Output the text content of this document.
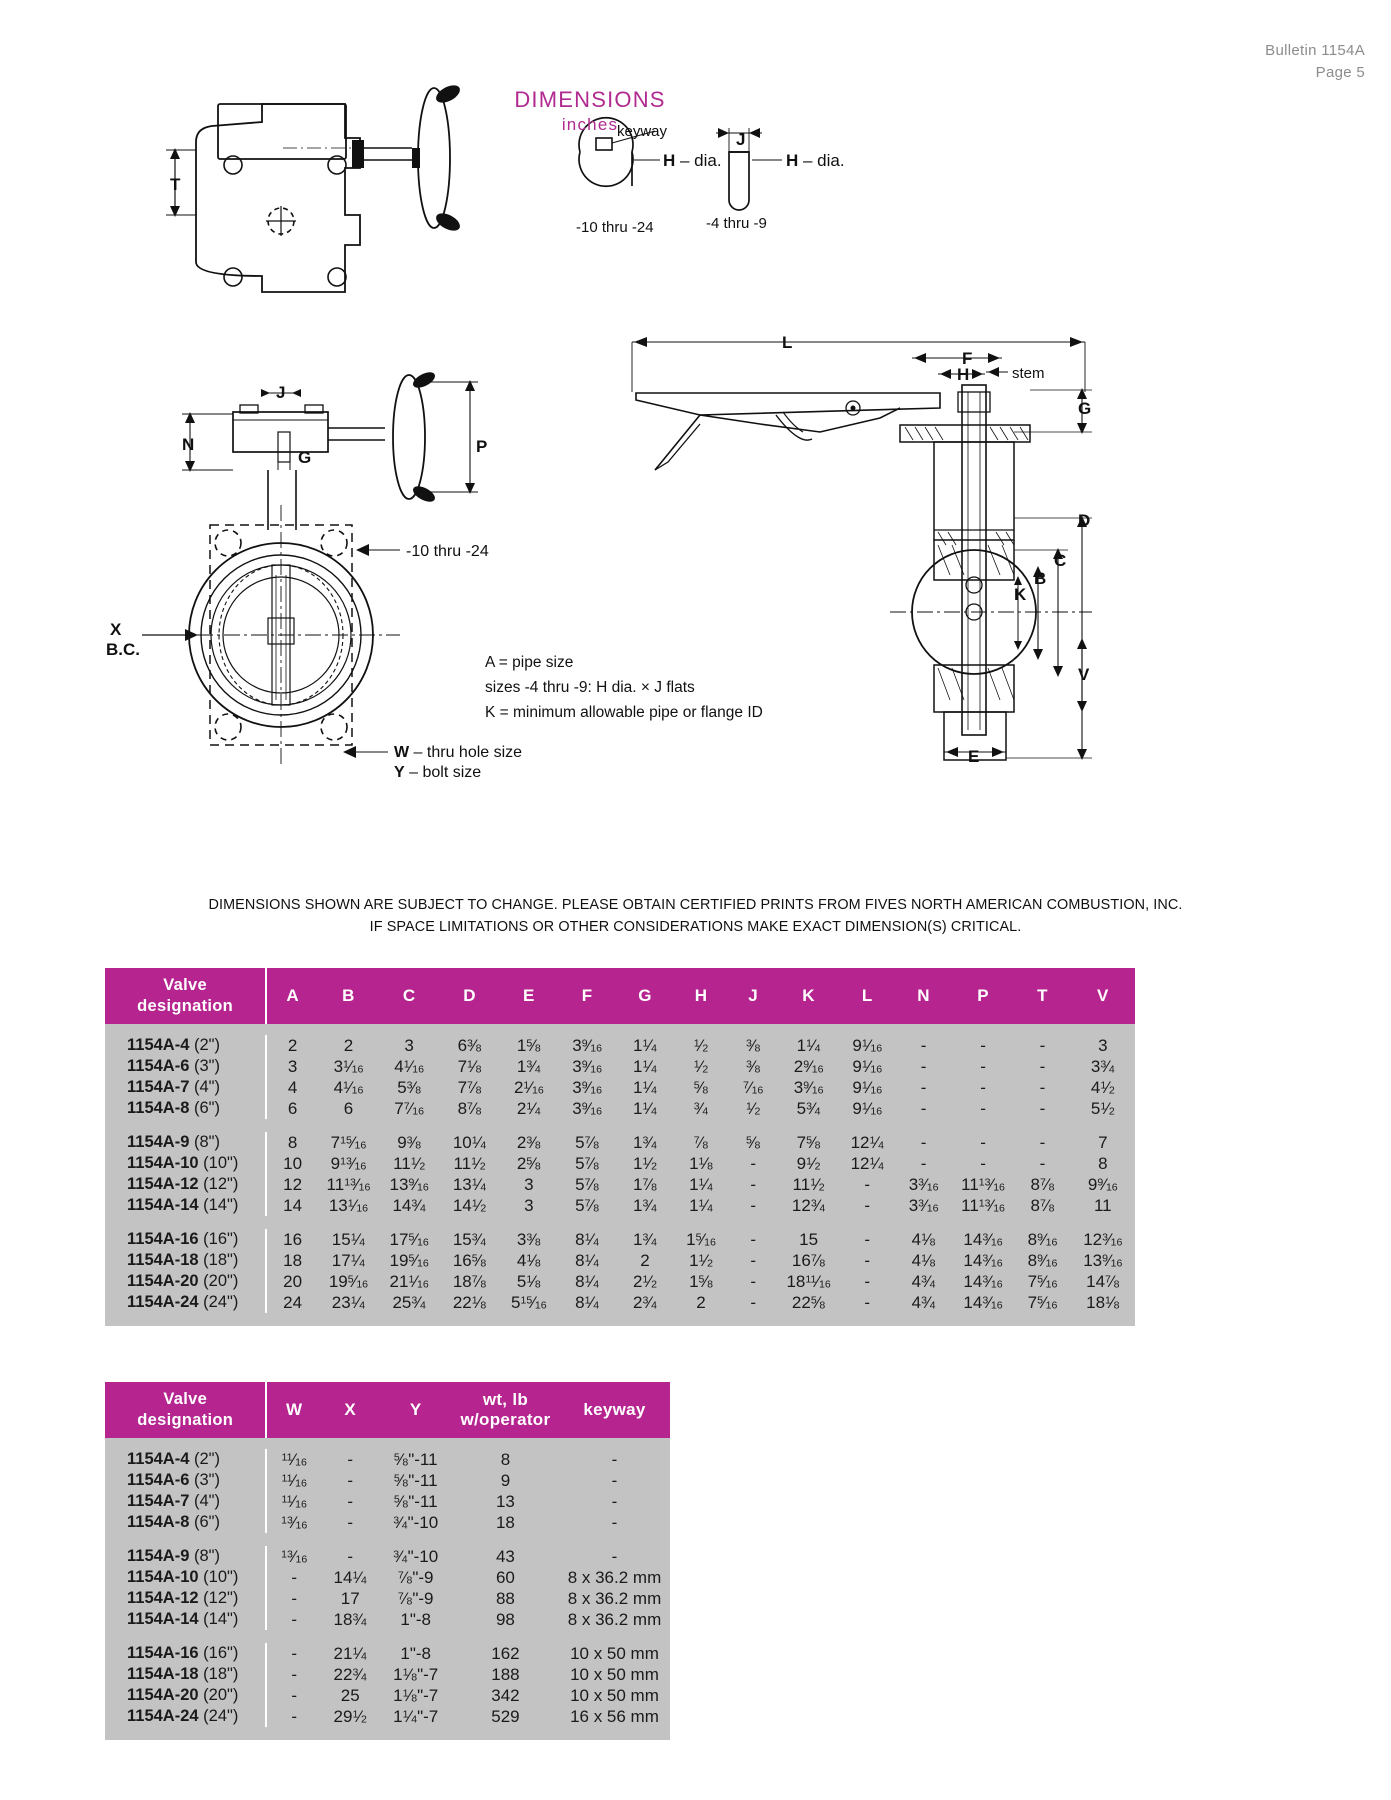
Bulletin 1154A
Page 5
T
keyway
H – dia.
J
H – dia.
-10 thru -24	-4 thru -9
N
J
G
P
X
B.C.
-10 thru -24
W – thru hole size
Y – bolt size
L
F
H	stem
G
D
C
B
K
V
E
DIMENSIONS
inches
A = pipe size
sizes -4 thru -9: H dia. × J flats
K = minimum allowable pipe or flange ID
DIMENSIONS SHOWN ARE SUBJECT TO CHANGE. PLEASE OBTAIN CERTIFIED PRINTS FROM FIVES NORTH AMERICAN COMBUSTION, INC.
IF SPACE LIMITATIONS OR OTHER CONSIDERATIONS MAKE EXACT DIMENSION(S) CRITICAL.
Valve
designation	A	B	C	D	E	F	G	H	J	K	L	N	P	T	V

1154A-4 (2")	2	2	3	$6^3⁄_8$	$1^5⁄_8$	$3^9⁄_{16}$	$1^1⁄_4$	$^1⁄_2$	$^3⁄_8$	$1^1⁄_4$	$9^1⁄_{16}$	-	-	-	3
1154A-6 (3")	3	$3^1⁄_{16}$	$4^1⁄_{16}$	$7^1⁄_8$	$1^3⁄_4$	$3^9⁄_{16}$	$1^1⁄_4$	$^1⁄_2$	$^3⁄_8$	$2^9⁄_{16}$	$9^1⁄_{16}$	-	-	-	$3^3⁄_4$
1154A-7 (4")	4	$4^1⁄_{16}$	$5^3⁄_8$	$7^7⁄_8$	$2^1⁄_{16}$	$3^9⁄_{16}$	$1^1⁄_4$	$^5⁄_8$	$^7⁄_{16}$	$3^9⁄_{16}$	$9^1⁄_{16}$	-	-	-	$4^1⁄_2$
1154A-8 (6")	6	6	$7^7⁄_{16}$	$8^7⁄_8$	$2^1⁄_4$	$3^9⁄_{16}$	$1^1⁄_4$	$^3⁄_4$	$^1⁄_2$	$5^3⁄_4$	$9^1⁄_{16}$	-	-	-	$5^1⁄_2$

1154A-9 (8")	8	$7^{15}⁄_{16}$	$9^3⁄_8$	$10^1⁄_4$	$2^3⁄_8$	$5^7⁄_8$	$1^3⁄_4$	$^7⁄_8$	$^5⁄_8$	$7^5⁄_8$	$12^1⁄_4$	-	-	-	7
1154A-10 (10")	10	$9^{13}⁄_{16}$	$11^1⁄_2$	$11^1⁄_2$	$2^5⁄_8$	$5^7⁄_8$	$1^1⁄_2$	$1^1⁄_8$	-	$9^1⁄_2$	$12^1⁄_4$	-	-	-	8
1154A-12 (12")	12	$11^{13}⁄_{16}$	$13^9⁄_{16}$	$13^1⁄_4$	3	$5^7⁄_8$	$1^7⁄_8$	$1^1⁄_4$	-	$11^1⁄_2$	-	$3^3⁄_{16}$	$11^{13}⁄_{16}$	$8^7⁄_8$	$9^9⁄_{16}$
1154A-14 (14")	14	$13^1⁄_{16}$	$14^3⁄_4$	$14^1⁄_2$	3	$5^7⁄_8$	$1^3⁄_4$	$1^1⁄_4$	-	$12^3⁄_4$	-	$3^3⁄_{16}$	$11^{13}⁄_{16}$	$8^7⁄_8$	11

1154A-16 (16")	16	$15^1⁄_4$	$17^5⁄_{16}$	$15^3⁄_4$	$3^3⁄_8$	$8^1⁄_4$	$1^3⁄_4$	$1^5⁄_{16}$	-	15	-	$4^1⁄_8$	$14^3⁄_{16}$	$8^9⁄_{16}$	$12^3⁄_{16}$
1154A-18 (18")	18	$17^1⁄_4$	$19^5⁄_{16}$	$16^5⁄_8$	$4^1⁄_8$	$8^1⁄_4$	2	$1^1⁄_2$	-	$16^7⁄_8$	-	$4^1⁄_8$	$14^3⁄_{16}$	$8^9⁄_{16}$	$13^9⁄_{16}$
1154A-20 (20")	20	$19^5⁄_{16}$	$21^1⁄_{16}$	$18^7⁄_8$	$5^1⁄_8$	$8^1⁄_4$	$2^1⁄_2$	$1^5⁄_8$	-	$18^{11}⁄_{16}$	-	$4^3⁄_4$	$14^3⁄_{16}$	$7^5⁄_{16}$	$14^7⁄_8$
1154A-24 (24")	24	$23^1⁄_4$	$25^3⁄_4$	$22^1⁄_8$	$5^{15}⁄_{16}$	$8^1⁄_4$	$2^3⁄_4$	2	-	$22^5⁄_8$	-	$4^3⁄_4$	$14^3⁄_{16}$	$7^5⁄_{16}$	$18^1⁄_8$

Valve
designation

W	X	Y

wt, lb
w/operator

keyway

1154A-4 (2")	$^{11}⁄_{16}$	-	$^5⁄_8"-11$	8	-
1154A-6 (3")	$^{11}⁄_{16}$	-	$^5⁄_8"-11$	9	-
1154A-7 (4")	$^{11}⁄_{16}$	-	$^5⁄_8"-11$	13	-
1154A-8 (6")	$^{13}⁄_{16}$	-	$^3⁄_4"-10$	18	-

1154A-9 (8")	$^{13}⁄_{16}$	-	$^3⁄_4"-10$	43	-
1154A-10 (10")	-	$14^1⁄_4$	$^7⁄_8"-9$	60	8 x 36.2 mm
1154A-12 (12")	-	17	$^7⁄_8"-9$	88	8 x 36.2 mm
1154A-14 (14")	-	$18^3⁄_4$	1"-8	98	8 x 36.2 mm

1154A-16 (16")	-	$21^1⁄_4$	1"-8	162	10 x 50 mm
1154A-18 (18")	-	$22^3⁄_4$	$1^1⁄_8"-7$	188	10 x 50 mm
1154A-20 (20")	-	25	$1^1⁄_8"-7$	342	10 x 50 mm
1154A-24 (24")	-	$29^1⁄_2$	$1^1⁄_4"-7$	529	16 x 56 mm
